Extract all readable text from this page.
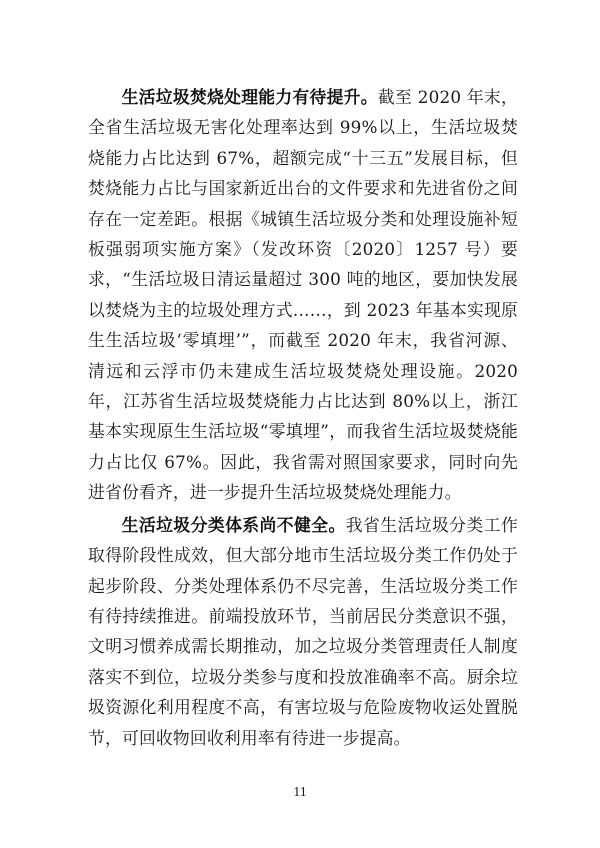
生活垃圾焚烧处理能力有待提升。截至 2020 年末，全省生活垃圾无害化处理率达到 99%以上，生活垃圾焚烧能力占比达到 67%，超额完成“十三五”发展目标，但焚烧能力占比与国家新近出台的文件要求和先进省份之间存在一定差距。根据《城镇生活垃圾分类和处理设施补短板强弱项实施方案》（发改环资〔2020〕1257 号）要求，“生活垃圾日清运量超过 300 吨的地区，要加快发展以焚烧为主的垃圾处理方式……，到 2023 年基本实现原生生活垃圾‘零填埋’”，而截至 2020 年末，我省河源、清远和云浮市仍未建成生活垃圾焚烧处理设施。2020 年，江苏省生活垃圾焚烧能力占比达到 80%以上，浙江基本实现原生生活垃圾“零填埋”，而我省生活垃圾焚烧能力占比仅 67%。因此，我省需对照国家要求，同时向先进省份看齐，进一步提升生活垃圾焚烧处理能力。

生活垃圾分类体系尚不健全。我省生活垃圾分类工作取得阶段性成效，但大部分地市生活垃圾分类工作仍处于起步阶段、分类处理体系仍不尽完善，生活垃圾分类工作有待持续推进。前端投放环节，当前居民分类意识不强，文明习惯养成需长期推动，加之垃圾分类管理责任人制度落实不到位，垃圾分类参与度和投放准确率不高。厨余垃圾资源化利用程度不高，有害垃圾与危险废物收运处置脱节，可回收物回收利用率有待进一步提高。

11
